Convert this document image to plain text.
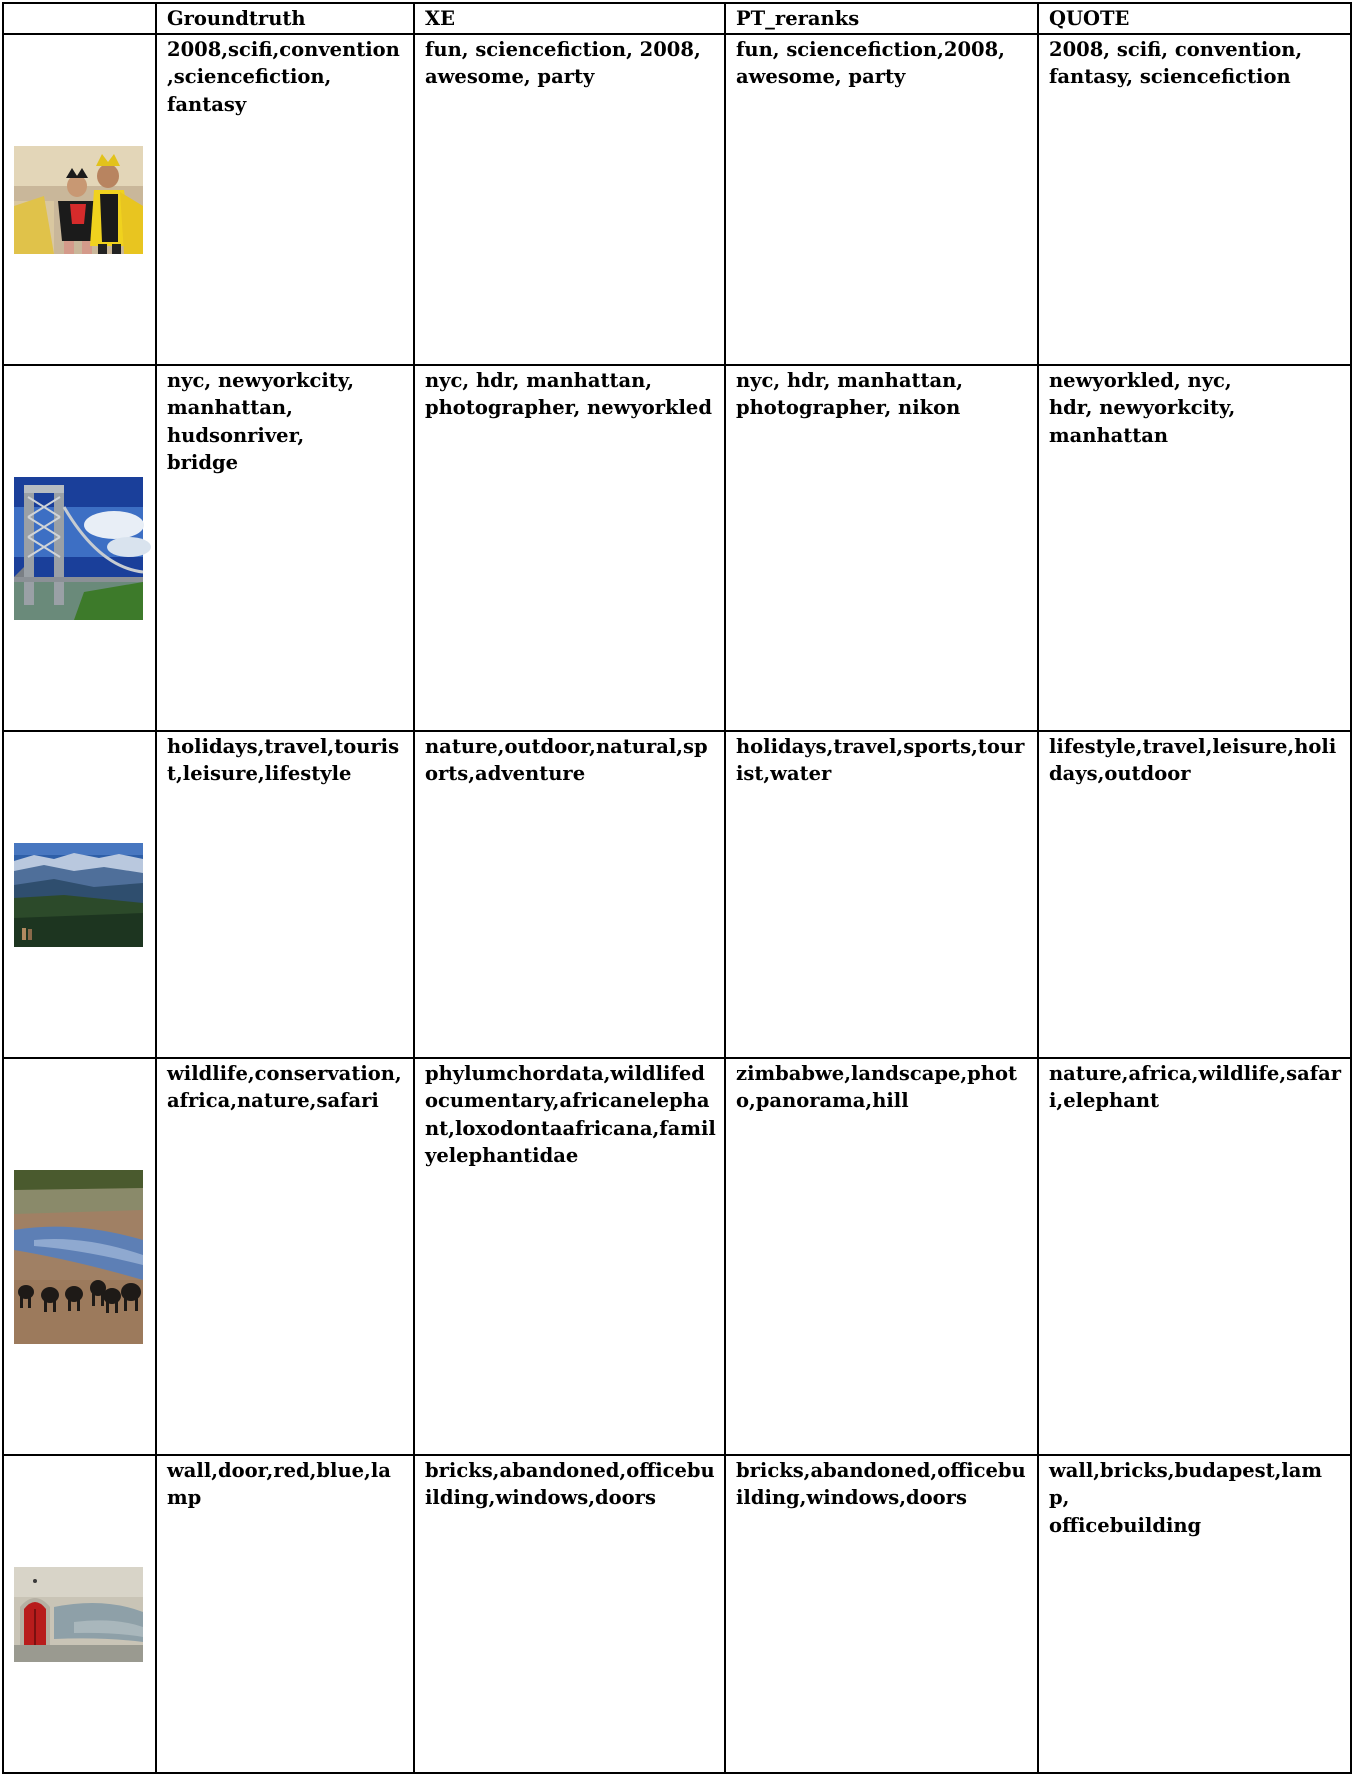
	Groundtruth	XE	PT_reranks	QUOTE

	2008,scifi,convention
,sciencefiction,
fantasy	fun, sciencefiction, 2008,
awesome, party	fun, sciencefiction,2008,
awesome, party	2008, scifi, convention,
fantasy, sciencefiction

	nyc, newyorkcity,
manhattan,
hudsonriver,
bridge	nyc, hdr, manhattan,
photographer, newyorkled	nyc, hdr, manhattan,
photographer, nikon	newyorkled, nyc,
hdr, newyorkcity,
manhattan

	holidays,travel,touris
t,leisure,lifestyle	nature,outdoor,natural,sp
orts,adventure	holidays,travel,sports,tour
ist,water	lifestyle,travel,leisure,holi
days,outdoor

	wildlife,conservation,
africa,nature,safari	phylumchordata,wildlifed
ocumentary,africanelepha
nt,loxodontaafricana,famil
yelephantidae	zimbabwe,landscape,phot
o,panorama,hill	nature,africa,wildlife,safar
i,elephant

	wall,door,red,blue,la
mp	bricks,abandoned,officebu
ilding,windows,doors	bricks,abandoned,officebu
ilding,windows,doors	wall,bricks,budapest,lamp,
officebuilding
